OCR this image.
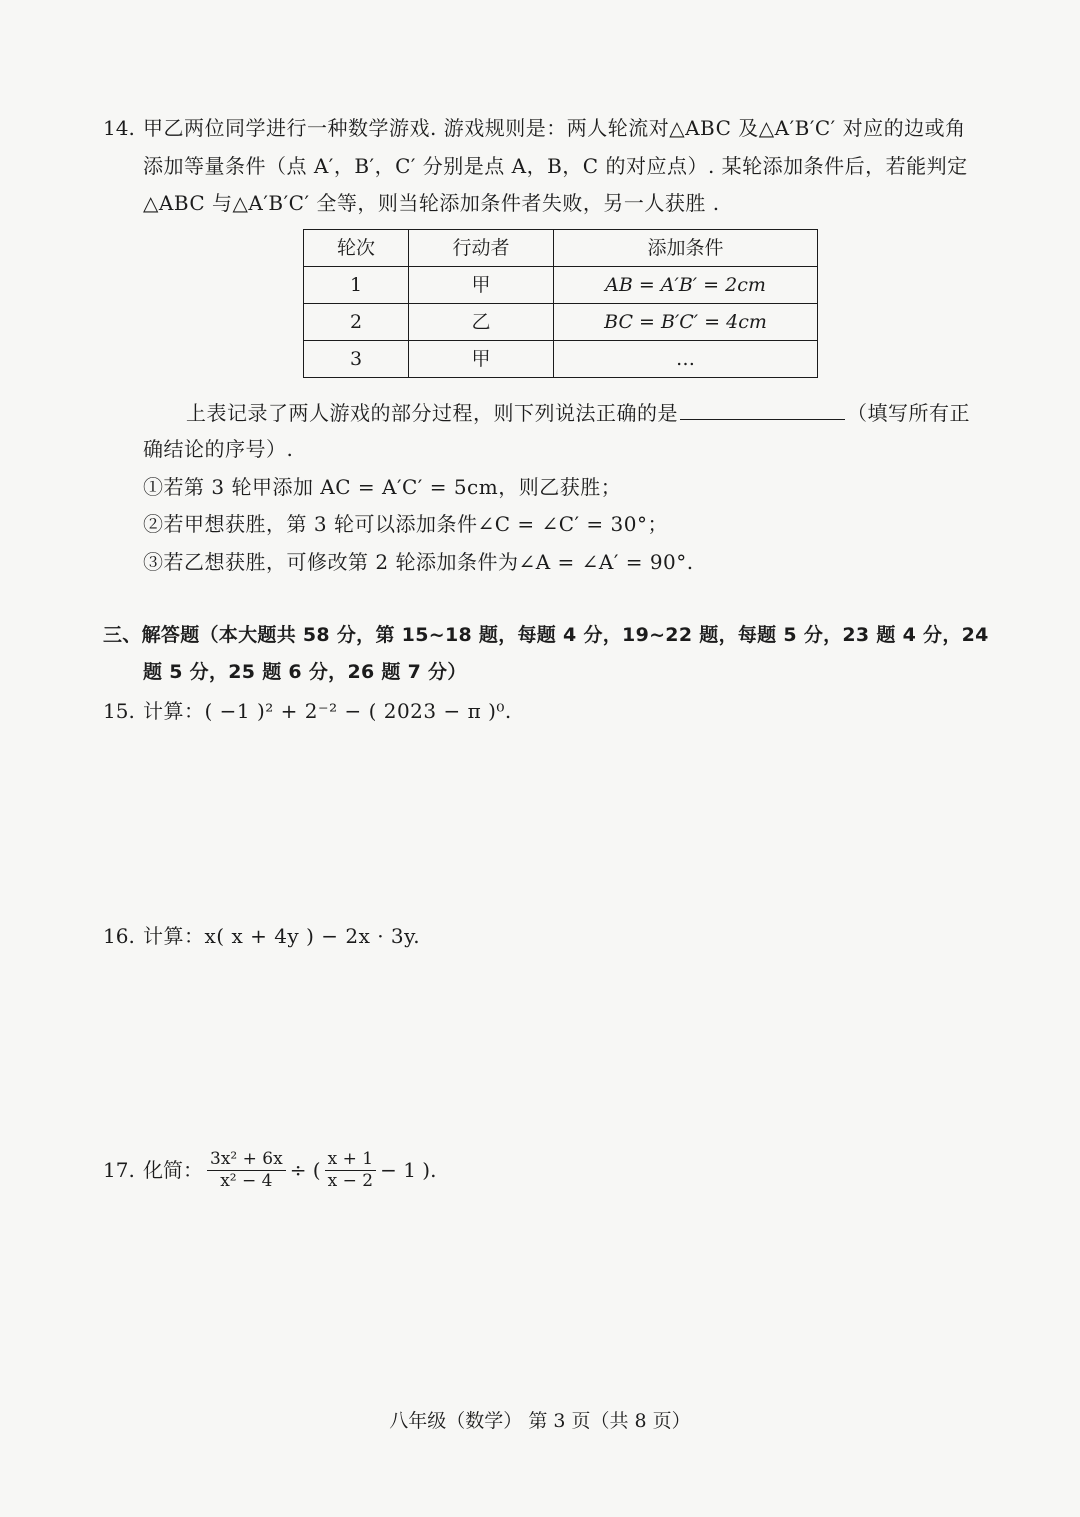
14. 甲乙两位同学进行一种数学游戏. 游戏规则是：两人轮流对△ABC 及△A′B′C′ 对应的边或角
添加等量条件（点 A′，B′，C′ 分别是点 A，B，C 的对应点）. 某轮添加条件后，若能判定
△ABC 与△A′B′C′ 全等，则当轮添加条件者失败，另一人获胜 .
轮次	行动者	添加条件
1	甲	AB = A′B′ = 2cm
2	乙	BC = B′C′ = 4cm
3	甲	…
上表记录了两人游戏的部分过程，则下列说法正确的是	（填写所有正
确结论的序号）.
①若第 3 轮甲添加 AC = A′C′ = 5cm，则乙获胜；
②若甲想获胜，第 3 轮可以添加条件∠C = ∠C′ = 30°；
③若乙想获胜，可修改第 2 轮添加条件为∠A = ∠A′ = 90°.
三、解答题（本大题共 58 分，第 15~18 题，每题 4 分，19~22 题，每题 5 分，23 题 4 分，24
题 5 分，25 题 6 分，26 题 7 分）
15. 计算：( −1 )² + 2⁻² − ( 2023 − π )⁰.
16. 计算：x( x + 4y ) − 2x · 3y.
17. 化简： $\frac{\text{3x² + 6x}}{\text{x² − 4}}$ ÷ ( $\frac{x + 1}{x - 2} - 1$ ).
八年级（数学） 第 3 页（共 8 页）
